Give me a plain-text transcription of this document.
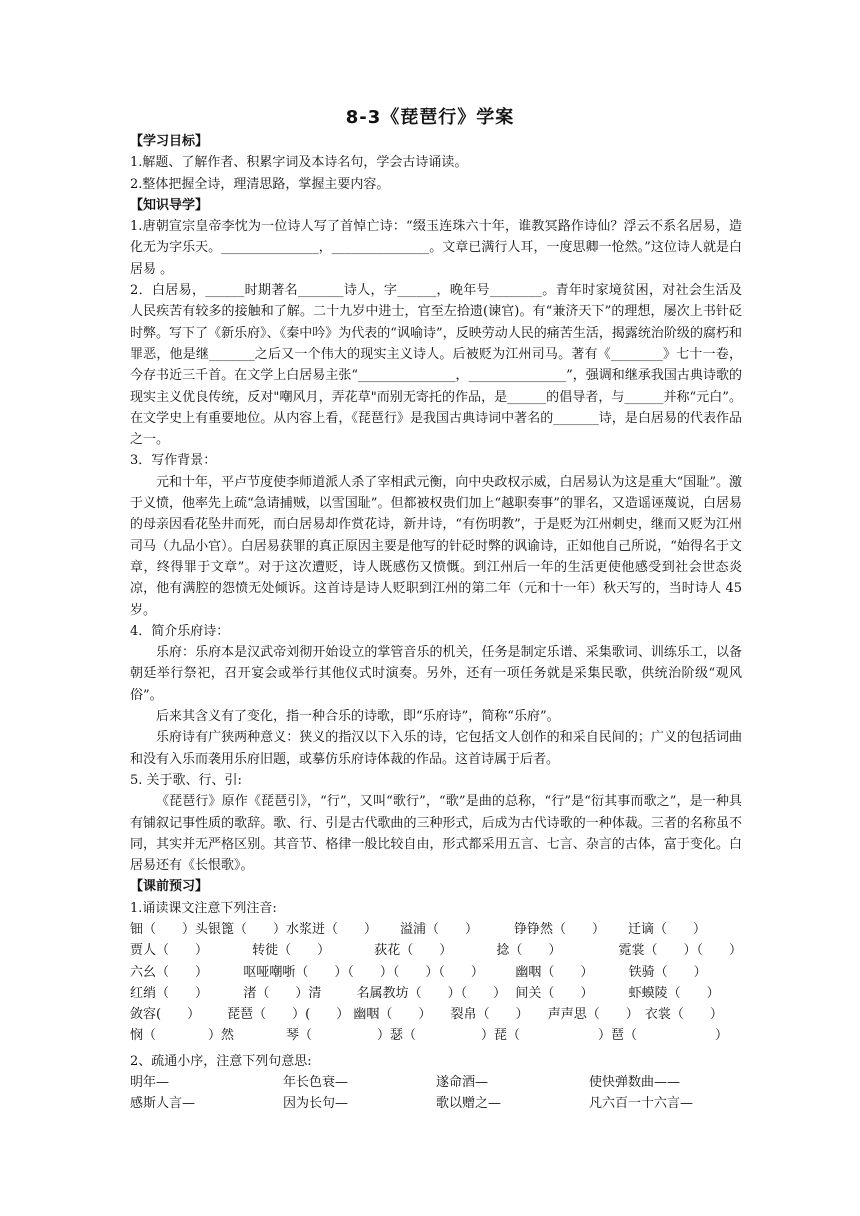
8-3《琵琶行》学案

【学习目标】

1.解题、了解作者、积累字词及本诗名句，学会古诗诵读。

2.整体把握全诗，理清思路，掌握主要内容。

【知识导学】

1.唐朝宣宗皇帝李忱为一位诗人写了首悼亡诗：“缀玉连珠六十年，谁教冥路作诗仙？浮云不系名居易，造化无为字乐天。_______________，_______________。文章已满行人耳，一度思卿一怆然。”这位诗人就是白居易 。

2．白居易，______时期著名_______诗人，字______，晚年号________。青年时家境贫困，对社会生活及人民疾苦有较多的接触和了解。二十九岁中进士，官至左拾遗(谏官)。有“兼济天下”的理想，屡次上书针砭时弊。写下了《新乐府》、《秦中吟》为代表的“讽喻诗”，反映劳动人民的痛苦生活，揭露统治阶级的腐朽和罪恶，他是继_______之后又一个伟大的现实主义诗人。后被贬为江州司马。著有《________》七十一卷，今存书近三千首。在文学上白居易主张“_______________，_______________”，强调和继承我国古典诗歌的现实主义优良传统，反对"嘲风月，弄花草"而别无寄托的作品，是______的倡导者，与______并称“元白”。在文学史上有重要地位。从内容上看，《琵琶行》是我国古典诗词中著名的_______诗，是白居易的代表作品之一。

3．写作背景：

元和十年，平卢节度使李师道派人杀了宰相武元衡，向中央政权示威，白居易认为这是重大“国耻”。激于义愤，他率先上疏“急请捕贼，以雪国耻”。但都被权贵们加上“越职奏事”的罪名，又造谣诬蔑说，白居易的母亲因看花坠井而死，而白居易却作赏花诗，新井诗，“有伤明教”，于是贬为江州刺史，继而又贬为江州司马（九品小官）。白居易获罪的真正原因主要是他写的针砭时弊的讽谕诗，正如他自己所说，“始得名于文章，终得罪于文章”。对于这次遭贬，诗人既感伤又愤慨。到江州后一年的生活更使他感受到社会世态炎凉，他有满腔的怨愤无处倾诉。这首诗是诗人贬职到江州的第二年（元和十一年）秋天写的，当时诗人 45 岁。

4．简介乐府诗：

乐府：乐府本是汉武帝刘彻开始设立的掌管音乐的机关，任务是制定乐谱、采集歌词、训练乐工，以备朝廷举行祭祀，召开宴会或举行其他仪式时演奏。另外，还有一项任务就是采集民歌，供统治阶级“观风俗”。

后来其含义有了变化，指一种合乐的诗歌，即“乐府诗”，简称“乐府”。

乐府诗有广狭两种意义：狭义的指汉以下入乐的诗，它包括文人创作的和采自民间的；广义的包括词曲和没有入乐而袭用乐府旧题，或摹仿乐府诗体裁的作品。这首诗属于后者。

5. 关于歌、行、引:

《琵琶行》原作《琵琶引》，“行”，又叫“歌行”，“歌”是曲的总称，“行”是“衍其事而歌之”，是一种具有铺叙记事性质的歌辞。歌、行、引是古代歌曲的三种形式，后成为古代诗歌的一种体裁。三者的名称虽不同，其实并无严格区别。其音节、格律一般比较自由，形式都采用五言、七言、杂言的古体，富于变化。白居易还有《长恨歌》。

【课前预习】

1.诵读课文注意下列注音:

钿（　　）头银篦（　　） 水浆迸（　　）	溢浦（　　）	铮铮然（　　）	迁谪（　　）
贾人（　　）	转徙（　　）	荻花（　　）	捻（　　）	霓裳（　　）（　　）
六幺（　　）	呕哑嘲哳（　　）（　　）（　　）（　　）	幽咽（　　）	铁骑（　　）
红绡（　　）	渚（　　）清	名属教坊（　　）（　　） 间关（　　）	虾蟆陵（　　）
敛容(　　）	琵琶（　　）(　　） 幽咽（　　）	裂帛（　　）	声声思（　　） 衣裳（　　）

悯（　　　　）然　　　　	琴（　　　　　）瑟（　　　　　）琵（　　　　　　）琶（　　　　　　）

2、疏通小序，注意下列句意思:

明年—	年长色衰—	遂命酒—	使快弹数曲——
感斯人言—	因为长句—	歌以赠之—	凡六百一十六言—
